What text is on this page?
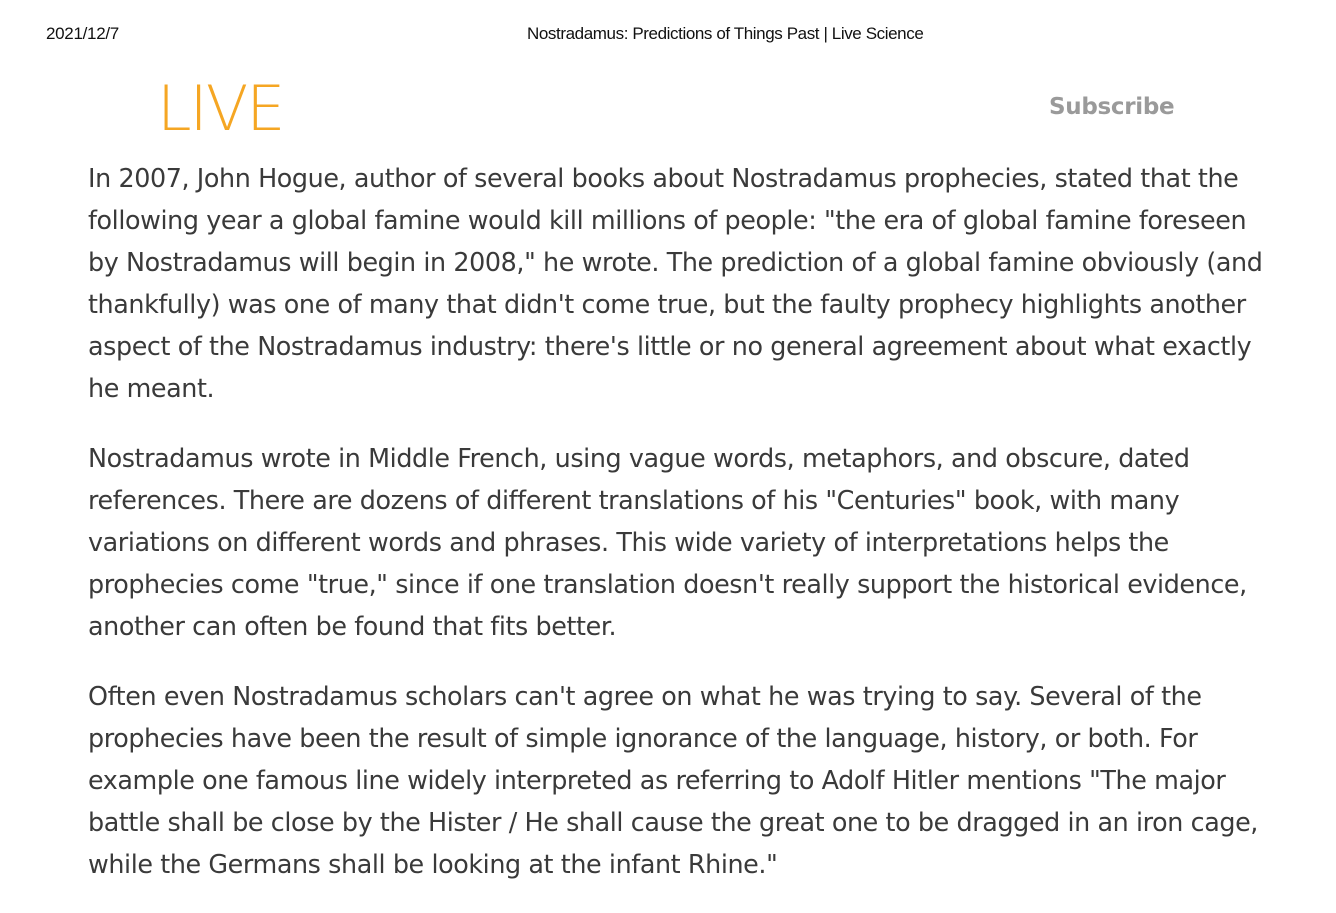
2021/12/7	Nostradamus: Predictions of Things Past | Live Science
LIVE	Subscribe

In 2007, John Hogue, author of several books about Nostradamus prophecies, stated that the following year a global famine would kill millions of people: "the era of global famine foreseen by Nostradamus will begin in 2008," he wrote. The prediction of a global famine obviously (and thankfully) was one of many that didn't come true, but the faulty prophecy highlights another aspect of the Nostradamus industry: there's little or no general agreement about what exactly he meant.

Nostradamus wrote in Middle French, using vague words, metaphors, and obscure, dated references. There are dozens of different translations of his "Centuries" book, with many variations on different words and phrases. This wide variety of interpretations helps the prophecies come "true," since if one translation doesn't really support the historical evidence, another can often be found that fits better.

Often even Nostradamus scholars can't agree on what he was trying to say. Several of the prophecies have been the result of simple ignorance of the language, history, or both. For example one famous line widely interpreted as referring to Adolf Hitler mentions "The major battle shall be close by the Hister / He shall cause the great one to be dragged in an iron cage, while the Germans shall be looking at the infant Rhine."
